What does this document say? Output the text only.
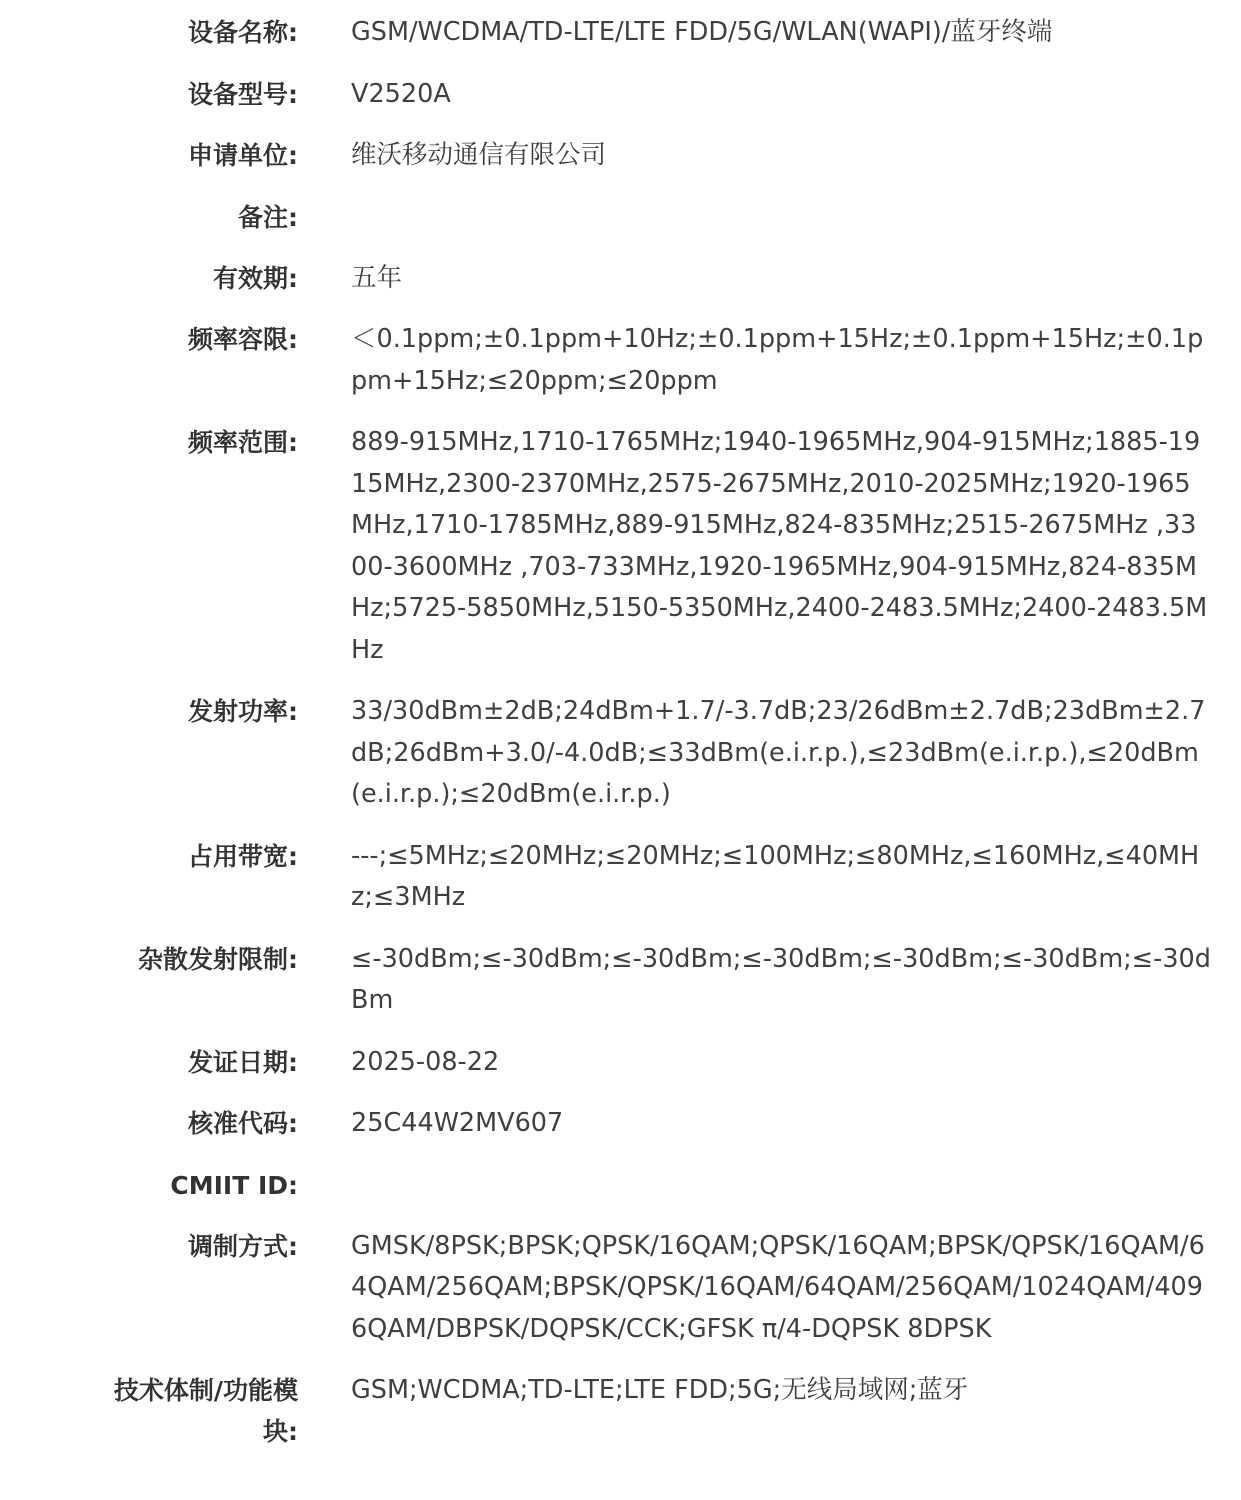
设备名称: GSM/WCDMA/TD-LTE/LTE FDD/5G/WLAN(WAPI)/蓝牙终端
设备型号: V2520A
申请单位: 维沃移动通信有限公司
备注:
有效期: 五年
频率容限: ＜0.1ppm;±0.1ppm+10Hz;±0.1ppm+15Hz;±0.1ppm+15Hz;±0.1ppm+15Hz;≤20ppm;≤20ppm
频率范围: 889-915MHz,1710-1765MHz;1940-1965MHz,904-915MHz;1885-1915MHz,2300-2370MHz,2575-2675MHz,2010-2025MHz;1920-1965MHz,1710-1785MHz,889-915MHz,824-835MHz;2515-2675MHz ,3300-3600MHz ,703-733MHz,1920-1965MHz,904-915MHz,824-835MHz;5725-5850MHz,5150-5350MHz,2400-2483.5MHz;2400-2483.5MHz
发射功率: 33/30dBm±2dB;24dBm+1.7/-3.7dB;23/26dBm±2.7dB;23dBm±2.7dB;26dBm+3.0/-4.0dB;≤33dBm(e.i.r.p.),≤23dBm(e.i.r.p.),≤20dBm(e.i.r.p.);≤20dBm(e.i.r.p.)
占用带宽: ---;≤5MHz;≤20MHz;≤20MHz;≤100MHz;≤80MHz,≤160MHz,≤40MHz;≤3MHz
杂散发射限制: ≤-30dBm;≤-30dBm;≤-30dBm;≤-30dBm;≤-30dBm;≤-30dBm;≤-30dBm
发证日期: 2025-08-22
核准代码: 25C44W2MV607
CMIIT ID:
调制方式: GMSK/8PSK;BPSK;QPSK/16QAM;QPSK/16QAM;BPSK/QPSK/16QAM/64QAM/256QAM;BPSK/QPSK/16QAM/64QAM/256QAM/1024QAM/4096QAM/DBPSK/DQPSK/CCK;GFSK π/4-DQPSK 8DPSK
技术体制/功能模块:
GSM;WCDMA;TD-LTE;LTE FDD;5G;无线局域网;蓝牙
